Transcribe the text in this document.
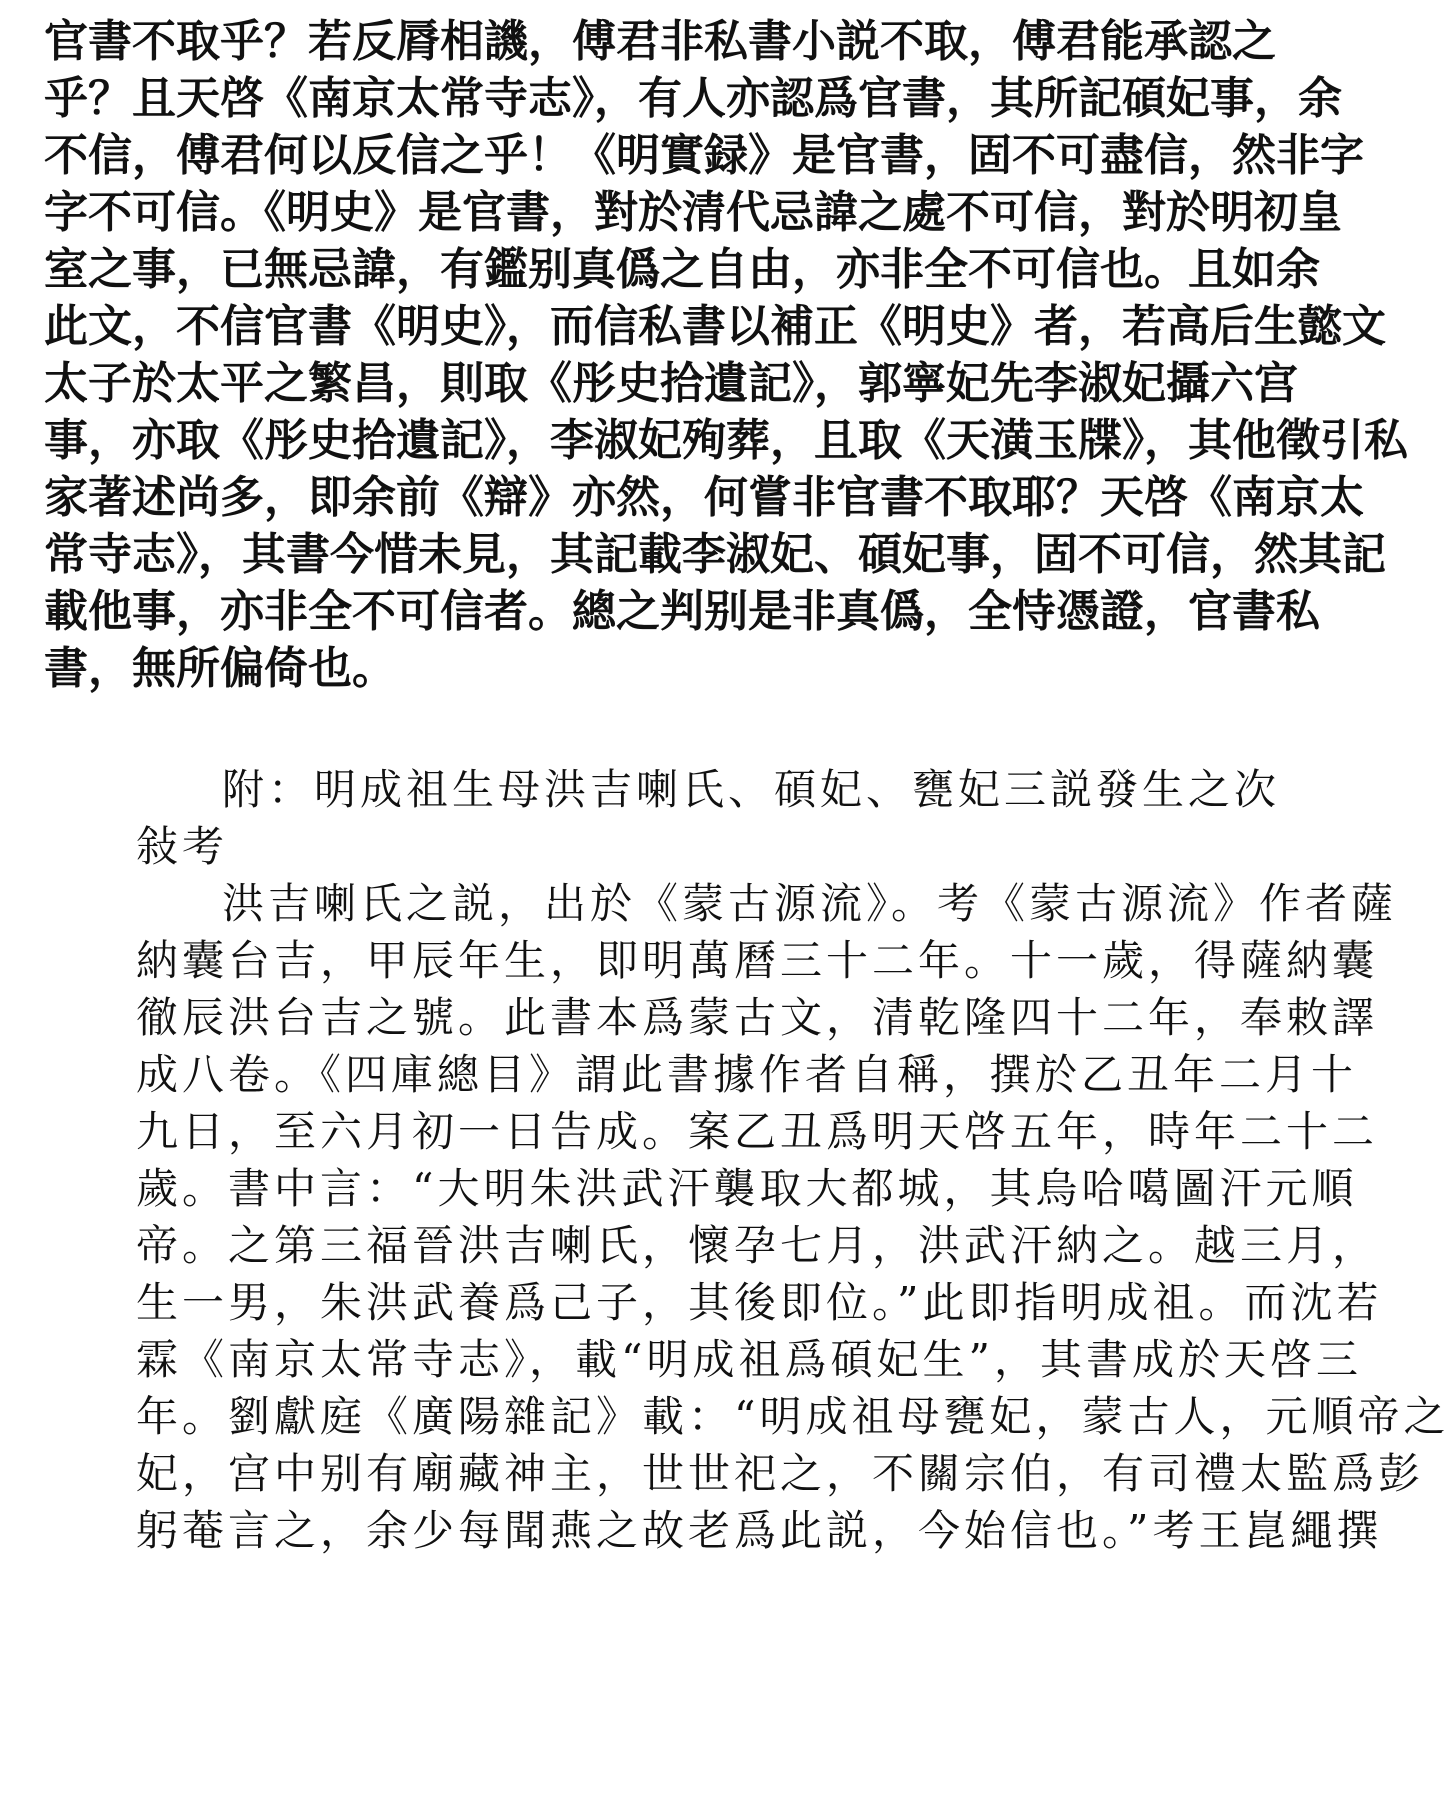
官書不取乎？若反脣相譏，傅君非私書小説不取，傅君能承認之
乎？且天啓《南京太常寺志》，有人亦認爲官書，其所記碩妃事，余
不信，傅君何以反信之乎！《明實録》是官書，固不可盡信，然非字
字不可信。《明史》是官書，對於清代忌諱之處不可信，對於明初皇
室之事，已無忌諱，有鑑别真僞之自由，亦非全不可信也。且如余
此文，不信官書《明史》，而信私書以補正《明史》者，若高后生懿文
太子於太平之繁昌，則取《彤史拾遺記》，郭寧妃先李淑妃攝六宫
事，亦取《彤史拾遺記》，李淑妃殉葬，且取《天潢玉牒》，其他徵引私
家著述尚多，即余前《辯》亦然，何嘗非官書不取耶？天啓《南京太
常寺志》，其書今惜未見，其記載李淑妃、碩妃事，固不可信，然其記
載他事，亦非全不可信者。總之判别是非真僞，全恃憑證，官書私
書，無所偏倚也。
附：明成祖生母洪吉喇氏、碩妃、甕妃三説發生之次
敍考
洪吉喇氏之説，出於《蒙古源流》。考《蒙古源流》作者薩
納囊台吉，甲辰年生，即明萬曆三十二年。十一歲，得薩納囊
徹辰洪台吉之號。此書本爲蒙古文，清乾隆四十二年，奉敕譯
成八卷。《四庫總目》謂此書據作者自稱，撰於乙丑年二月十
九日，至六月初一日告成。案乙丑爲明天啓五年，時年二十二
歲。書中言：“大明朱洪武汗襲取大都城，其烏哈噶圖汗元順
帝。之第三福晉洪吉喇氏，懷孕七月，洪武汗納之。越三月，
生一男，朱洪武養爲己子，其後即位。”此即指明成祖。而沈若
霖《南京太常寺志》，載“明成祖爲碩妃生”，其書成於天啓三
年。劉獻庭《廣陽雜記》載：“明成祖母甕妃，蒙古人，元順帝之
妃，宫中别有廟藏神主，世世祀之，不關宗伯，有司禮太監爲彭
躬菴言之，余少每聞燕之故老爲此説，今始信也。”考王崑繩撰
